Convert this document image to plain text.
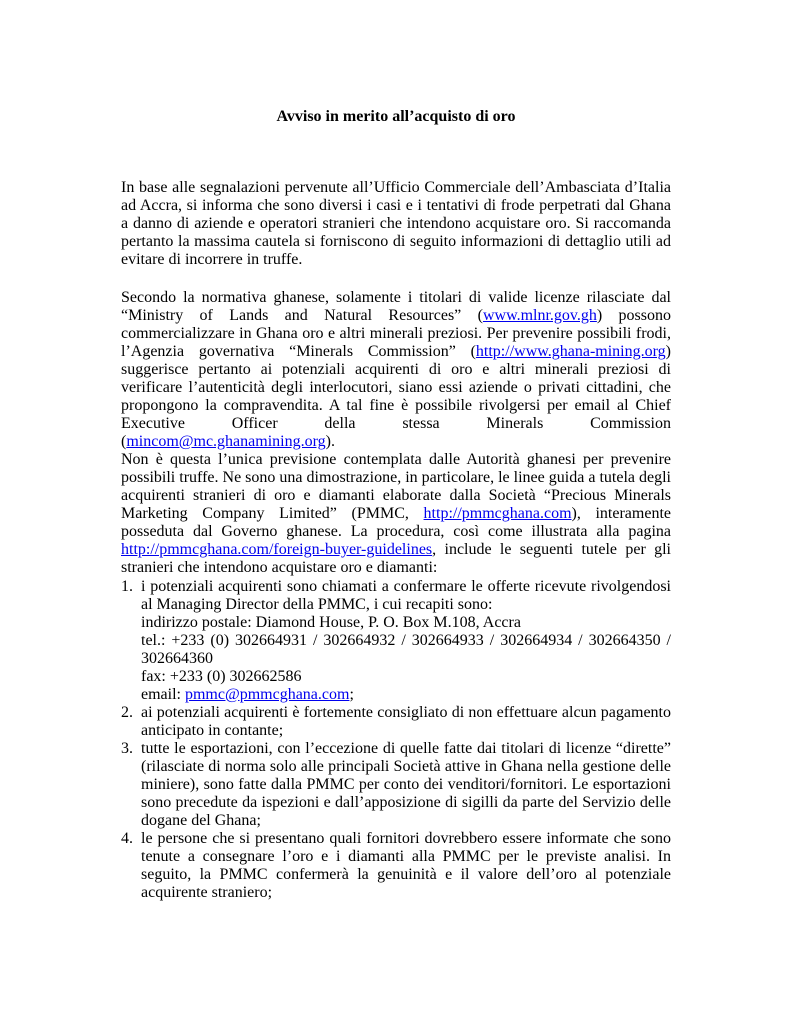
Avviso in merito all’acquisto di oro
In base alle segnalazioni pervenute all’Ufficio Commerciale dell’Ambasciata d’Italia ad Accra, si informa che sono diversi i casi e i tentativi di frode perpetrati dal Ghana a danno di aziende e operatori stranieri che intendono acquistare oro. Si raccomanda pertanto la massima cautela si forniscono di seguito informazioni di dettaglio utili ad evitare di incorrere in truffe.
Secondo la normativa ghanese, solamente i titolari di valide licenze rilasciate dal “Ministry of Lands and Natural Resources” (www.mlnr.gov.gh) possono commercializzare in Ghana oro e altri minerali preziosi. Per prevenire possibili frodi, l’Agenzia governativa “Minerals Commission” (http://www.ghana-mining.org) suggerisce pertanto ai potenziali acquirenti di oro e altri minerali preziosi di verificare l’autenticità degli interlocutori, siano essi aziende o privati cittadini, che propongono la compravendita. A tal fine è possibile rivolgersi per email al Chief Executive Officer della stessa Minerals Commission (mincom@mc.ghanamining.org).
Non è questa l’unica previsione contemplata dalle Autorità ghanesi per prevenire possibili truffe. Ne sono una dimostrazione, in particolare, le linee guida a tutela degli acquirenti stranieri di oro e diamanti elaborate dalla Società “Precious Minerals Marketing Company Limited” (PMMC, http://pmmcghana.com), interamente posseduta dal Governo ghanese. La procedura, così come illustrata alla pagina http://pmmcghana.com/foreign-buyer-guidelines, include le seguenti tutele per gli stranieri che intendono acquistare oro e diamanti:
1. i potenziali acquirenti sono chiamati a confermare le offerte ricevute rivolgendosi al Managing Director della PMMC, i cui recapiti sono:
indirizzo postale: Diamond House, P. O. Box M.108, Accra
tel.: +233 (0) 302664931 / 302664932 / 302664933 / 302664934 / 302664350 / 302664360
fax: +233 (0) 302662586
email: pmmc@pmmcghana.com;
2. ai potenziali acquirenti è fortemente consigliato di non effettuare alcun pagamento anticipato in contante;
3. tutte le esportazioni, con l’eccezione di quelle fatte dai titolari di licenze “dirette” (rilasciate di norma solo alle principali Società attive in Ghana nella gestione delle miniere), sono fatte dalla PMMC per conto dei venditori/fornitori. Le esportazioni sono precedute da ispezioni e dall’apposizione di sigilli da parte del Servizio delle dogane del Ghana;
4. le persone che si presentano quali fornitori dovrebbero essere informate che sono tenute a consegnare l’oro e i diamanti alla PMMC per le previste analisi. In seguito, la PMMC confermerà la genuinità e il valore dell’oro al potenziale acquirente straniero;
